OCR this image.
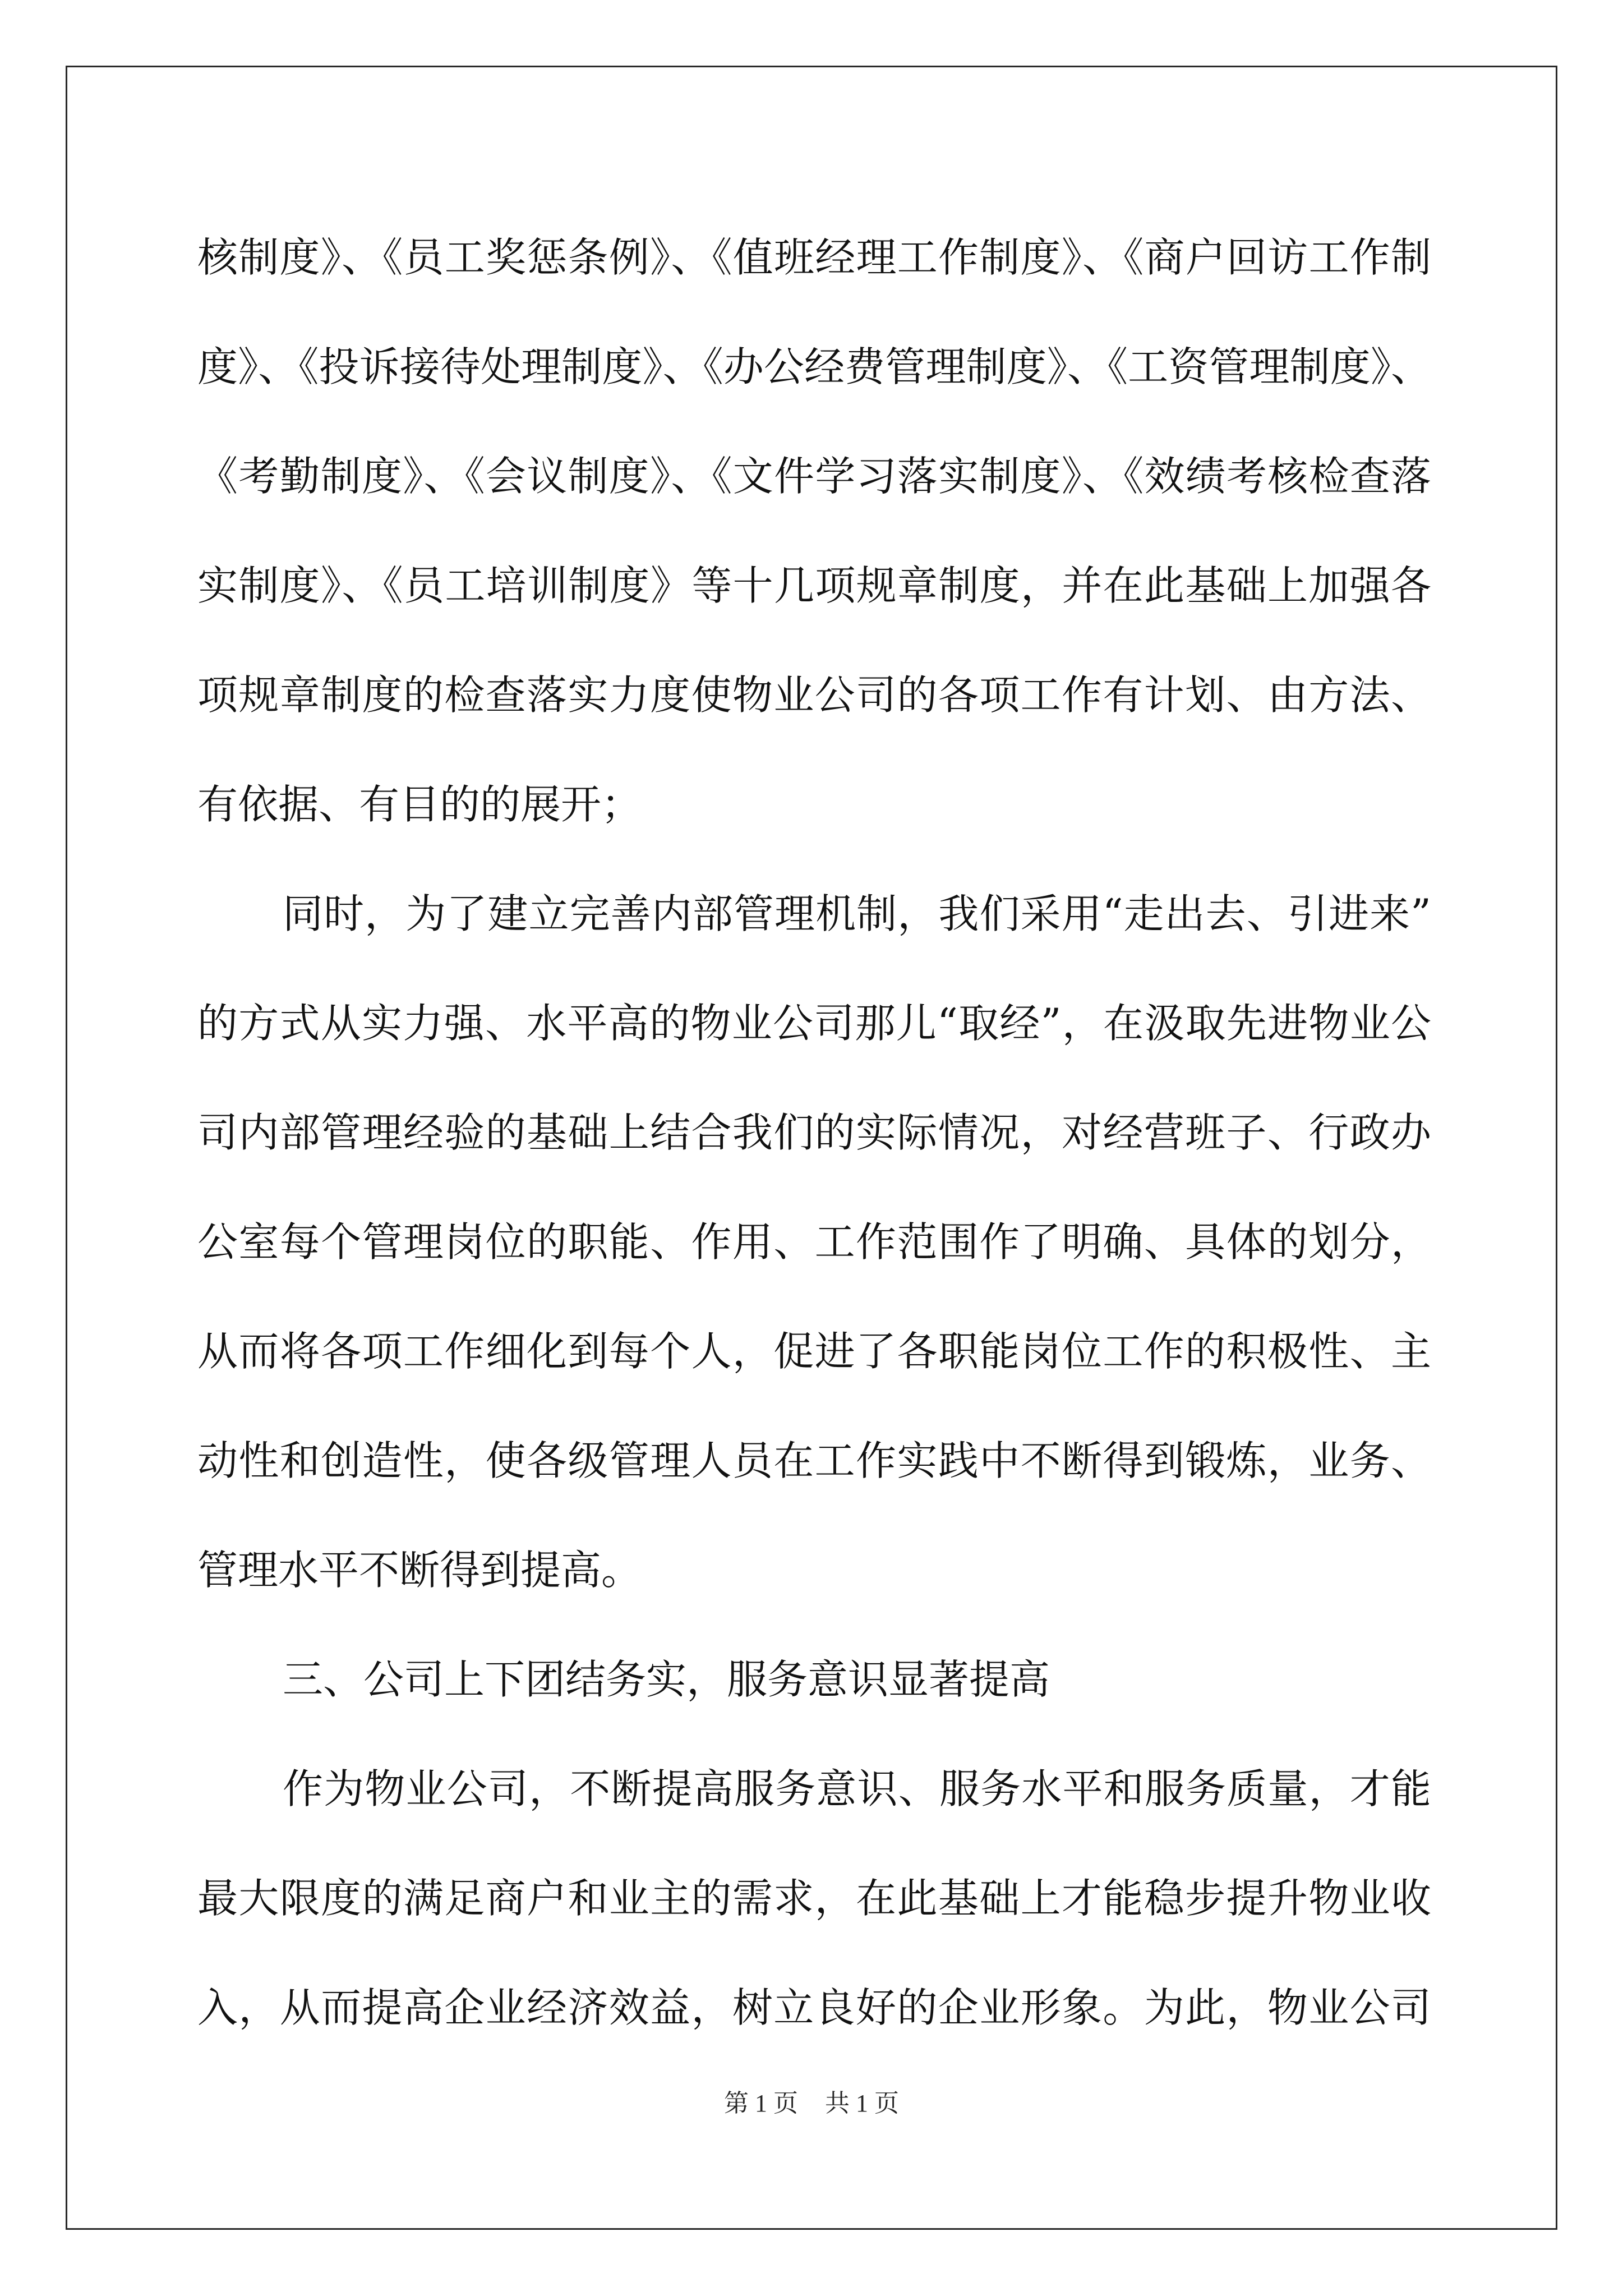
核制度》、《员工奖惩条例》、《值班经理工作制度》、《商户回访工作制
度》、《投诉接待处理制度》、《办公经费管理制度》、《工资管理制度》、
《考勤制度》、《会议制度》、《文件学习落实制度》、《效绩考核检查落
实制度》、《员工培训制度》等十几项规章制度，并在此基础上加强各
项规章制度的检查落实力度使物业公司的各项工作有计划、由方法、
有依据、有目的的展开；
同时，为了建立完善内部管理机制，我们采用“走出去、引进来”
的方式从实力强、水平高的物业公司那儿“取经”，在汲取先进物业公
司内部管理经验的基础上结合我们的实际情况，对经营班子、行政办
公室每个管理岗位的职能、作用、工作范围作了明确、具体的划分，
从而将各项工作细化到每个人，促进了各职能岗位工作的积极性、主
动性和创造性，使各级管理人员在工作实践中不断得到锻炼，业务、
管理水平不断得到提高。
三、公司上下团结务实，服务意识显著提高
作为物业公司，不断提高服务意识、服务水平和服务质量，才能
最大限度的满足商户和业主的需求，在此基础上才能稳步提升物业收
入，从而提高企业经济效益，树立良好的企业形象。为此，物业公司
第 1 页 共 1 页
